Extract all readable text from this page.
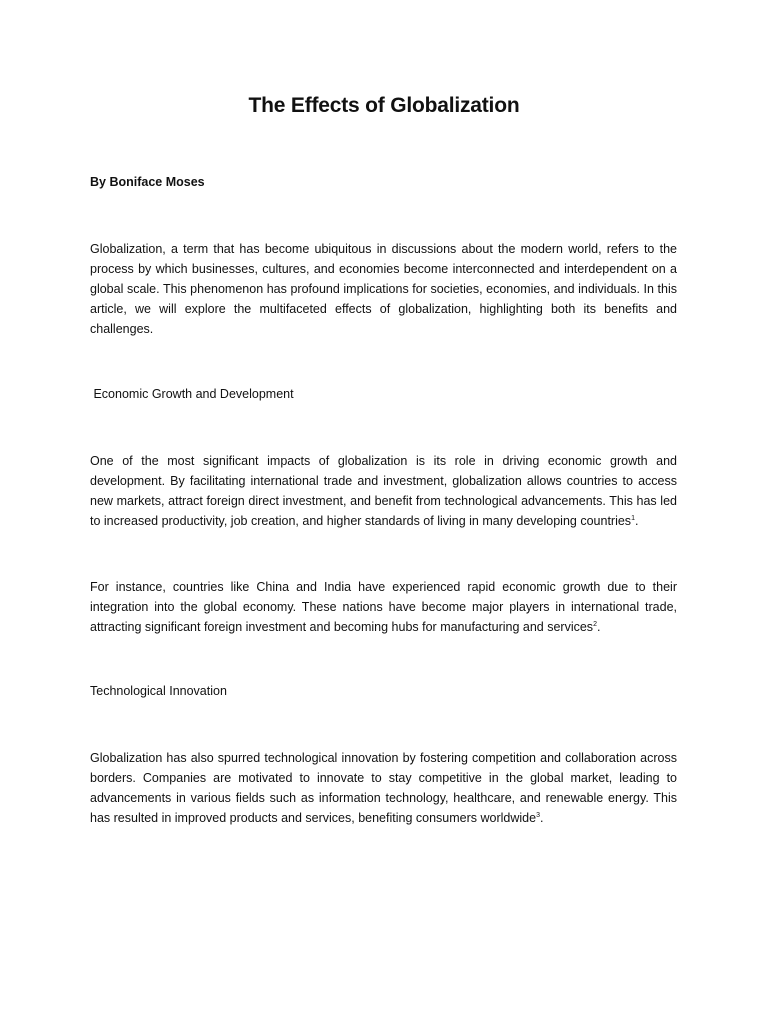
The Effects of Globalization

By Boniface Moses

Globalization, a term that has become ubiquitous in discussions about the modern world, refers to the process by which businesses, cultures, and economies become interconnected and interdependent on a global scale. This phenomenon has profound implications for societies, economies, and individuals. In this article, we will explore the multifaceted effects of globalization, highlighting both its benefits and challenges.

Economic Growth and Development

One of the most significant impacts of globalization is its role in driving economic growth and development. By facilitating international trade and investment, globalization allows countries to access new markets, attract foreign direct investment, and benefit from technological advancements. This has led to increased productivity, job creation, and higher standards of living in many developing countries$^1$.

For instance, countries like China and India have experienced rapid economic growth due to their integration into the global economy. These nations have become major players in international trade, attracting significant foreign investment and becoming hubs for manufacturing and services$^2$.

Technological Innovation

Globalization has also spurred technological innovation by fostering competition and collaboration across borders. Companies are motivated to innovate to stay competitive in the global market, leading to advancements in various fields such as information technology, healthcare, and renewable energy. This has resulted in improved products and services, benefiting consumers worldwide$^3$.
